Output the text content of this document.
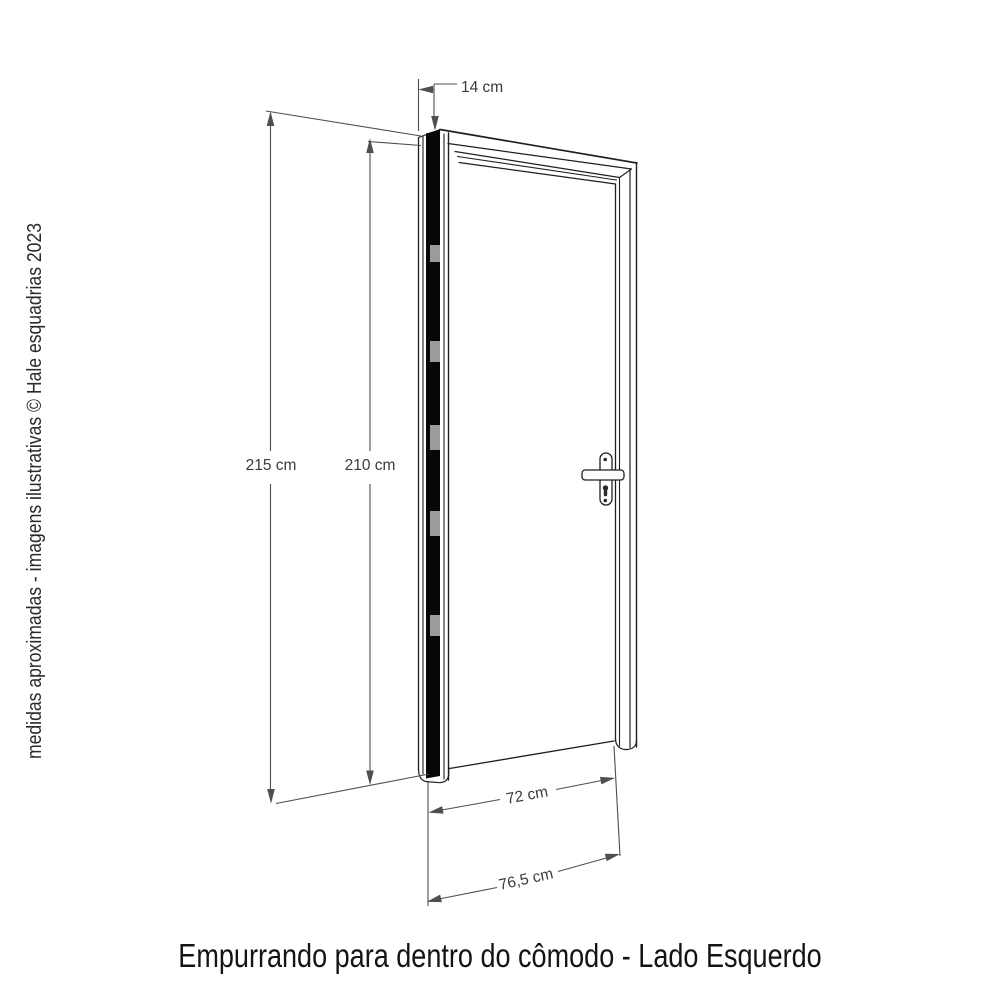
14 cm
215 cm	210 cm
72 cm
76,5 cm
Empurrando para dentro do cômodo - Lado Esquerdo
medidas aproximadas - imagens ilustrativas © Hale esquadrias 2023
